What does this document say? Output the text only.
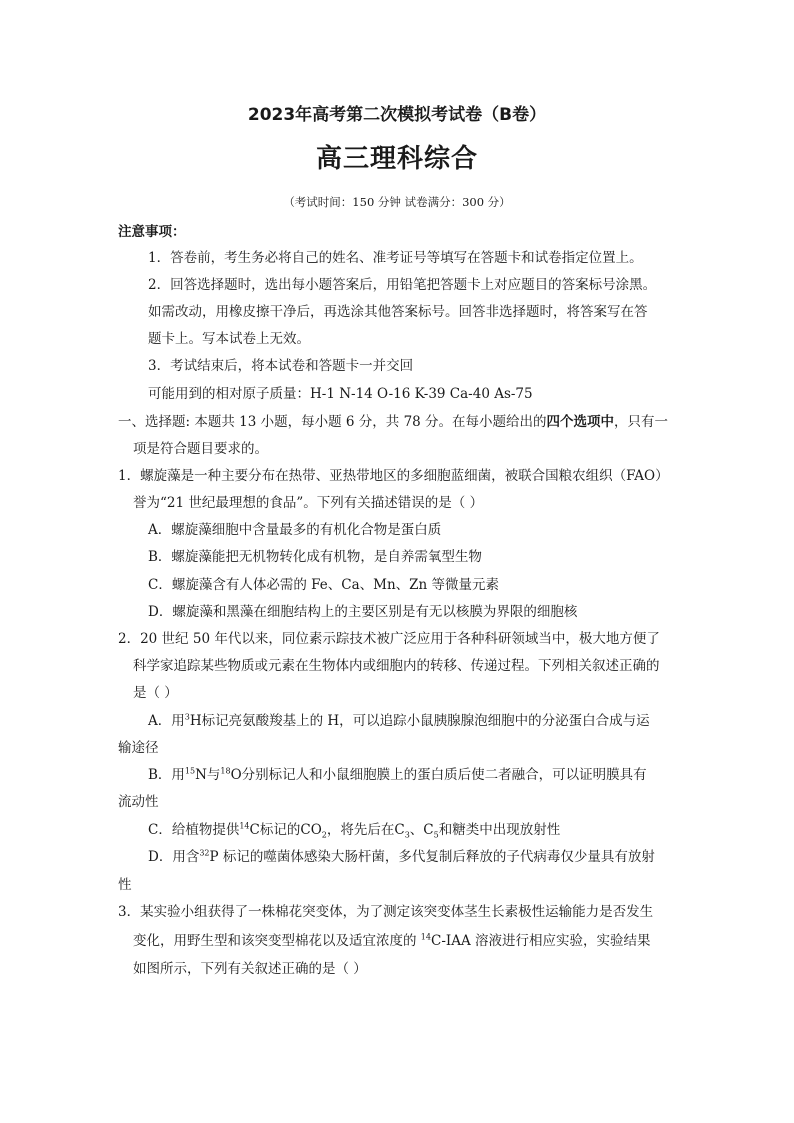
2023年高考第二次模拟考试卷（B卷）
高三理科综合
（考试时间：150 分钟 试卷满分：300 分）
注意事项：
1．答卷前，考生务必将自己的姓名、准考证号等填写在答题卡和试卷指定位置上。
2．回答选择题时，选出每小题答案后，用铅笔把答题卡上对应题目的答案标号涂黑。
如需改动，用橡皮擦干净后，再选涂其他答案标号。回答非选择题时，将答案写在答
题卡上。写本试卷上无效。
3．考试结束后，将本试卷和答题卡一并交回
可能用到的相对原子质量：H-1 N-14 O-16 K-39 Ca-40 As-75
一、选择题: 本题共 13 小题，每小题 6 分，共 78 分。在每小题给出的四个选项中，只有一
项是符合题目要求的。
1．螺旋藻是一种主要分布在热带、亚热带地区的多细胞蓝细菌，被联合国粮农组织（FAO）
誉为“21 世纪最理想的食品”。下列有关描述错误的是（ ）
A．螺旋藻细胞中含量最多的有机化合物是蛋白质
B．螺旋藻能把无机物转化成有机物，是自养需氧型生物
C．螺旋藻含有人体必需的 Fe、Ca、Mn、Zn 等微量元素
D．螺旋藻和黑藻在细胞结构上的主要区别是有无以核膜为界限的细胞核
2．20 世纪 50 年代以来，同位素示踪技术被广泛应用于各种科研领域当中，极大地方便了
科学家追踪某些物质或元素在生物体内或细胞内的转移、传递过程。下列相关叙述正确的
是（ ）
A．用$^3$H标记亮氨酸羧基上的 H，可以追踪小鼠胰腺腺泡细胞中的分泌蛋白合成与运
输途径
B．用$^{15}$N与$^{18}$O分别标记人和小鼠细胞膜上的蛋白质后使二者融合，可以证明膜具有
流动性
C．给植物提供$^{14}$C标记的$CO_2$，将先后在$C_3$、$C_5$和糖类中出现放射性
D．用含$^{32}$P 标记的噬菌体感染大肠杆菌，多代复制后释放的子代病毒仅少量具有放射
性
3．某实验小组获得了一株棉花突变体，为了测定该突变体茎生长素极性运输能力是否发生
变化，用野生型和该突变型棉花以及适宜浓度的 $^{14}$C-IAA 溶液进行相应实验，实验结果
如图所示，下列有关叙述正确的是（ ）
